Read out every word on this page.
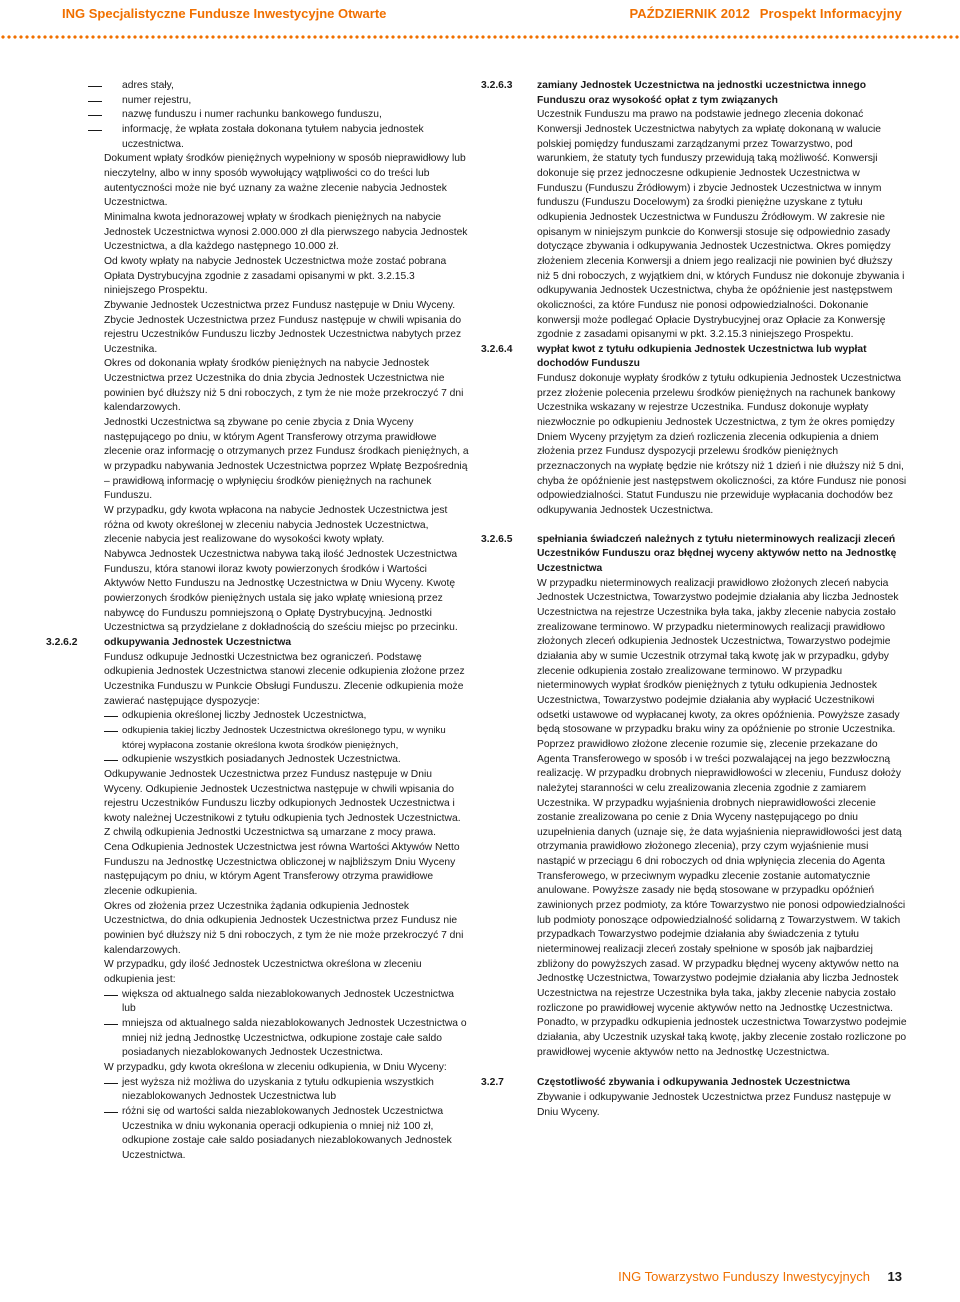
ING Specjalistyczne Fundusze Inwestycyjne Otwarte	PAŹDZIERNIK 2012 Prospekt Informacyjny
adres stały,
numer rejestru,
nazwę funduszu i numer rachunku bankowego funduszu,
informację, że wpłata została dokonana tytułem nabycia jednostek uczestnictwa.

Dokument wpłaty środków pieniężnych wypełniony w sposób nieprawidłowy lub nieczytelny, albo w inny sposób wywołujący wątpliwości co do treści lub autentyczności może nie być uznany za ważne zlecenie nabycia Jednostek Uczestnictwa.

Minimalna kwota jednorazowej wpłaty w środkach pieniężnych na nabycie Jednostek Uczestnictwa wynosi 2.000.000 zł dla pierwszego nabycia Jednostek Uczestnictwa, a dla każdego następnego 10.000 zł.

Od kwoty wpłaty na nabycie Jednostek Uczestnictwa może zostać pobrana Opłata Dystrybucyjna zgodnie z zasadami opisanymi w pkt. 3.2.15.3 niniejszego Prospektu.

Zbywanie Jednostek Uczestnictwa przez Fundusz następuje w Dniu Wyceny. Zbycie Jednostek Uczestnictwa przez Fundusz następuje w chwili wpisania do rejestru Uczestników Funduszu liczby Jednostek Uczestnictwa nabytych przez Uczestnika.

Okres od dokonania wpłaty środków pieniężnych na nabycie Jednostek Uczestnictwa przez Uczestnika do dnia zbycia Jednostek Uczestnictwa nie powinien być dłuższy niż 5 dni roboczych, z tym że nie może przekroczyć 7 dni kalendarzowych.

Jednostki Uczestnictwa są zbywane po cenie zbycia z Dnia Wyceny następującego po dniu, w którym Agent Transferowy otrzyma prawidłowe zlecenie oraz informację o otrzymanych przez Fundusz środkach pieniężnych, a w przypadku nabywania Jednostek Uczestnictwa poprzez Wpłatę Bezpośrednią – prawidłową informację o wpłynięciu środków pieniężnych na rachunek Funduszu.

W przypadku, gdy kwota wpłacona na nabycie Jednostek Uczestnictwa jest różna od kwoty określonej w zleceniu nabycia Jednostek Uczestnictwa, zlecenie nabycia jest realizowane do wysokości kwoty wpłaty.

Nabywca Jednostek Uczestnictwa nabywa taką ilość Jednostek Uczestnictwa Funduszu, która stanowi iloraz kwoty powierzonych środków i Wartości Aktywów Netto Funduszu na Jednostkę Uczestnictwa w Dniu Wyceny. Kwotę powierzonych środków pieniężnych ustala się jako wpłatę wniesioną przez nabywcę do Funduszu pomniejszoną o Opłatę Dystrybucyjną. Jednostki Uczestnictwa są przydzielane z dokładnością do sześciu miejsc po przecinku.

3.2.6.2	odkupywania Jednostek Uczestnictwa

Fundusz odkupuje Jednostki Uczestnictwa bez ograniczeń. Podstawę odkupienia Jednostek Uczestnictwa stanowi zlecenie odkupienia złożone przez Uczestnika Funduszu w Punkcie Obsługi Funduszu. Zlecenie odkupienia może zawierać następujące dyspozycje:

odkupienia określonej liczby Jednostek Uczestnictwa,
odkupienia takiej liczby Jednostek Uczestnictwa określonego typu, w wyniku której wypłacona zostanie określona kwota środków pieniężnych,
odkupienie wszystkich posiadanych Jednostek Uczestnictwa.

Odkupywanie Jednostek Uczestnictwa przez Fundusz następuje w Dniu Wyceny. Odkupienie Jednostek Uczestnictwa następuje w chwili wpisania do rejestru Uczestników Funduszu liczby odkupionych Jednostek Uczestnictwa i kwoty należnej Uczestnikowi z tytułu odkupienia tych Jednostek Uczestnictwa. Z chwilą odkupienia Jednostki Uczestnictwa są umarzane z mocy prawa.

Cena Odkupienia Jednostek Uczestnictwa jest równa Wartości Aktywów Netto Funduszu na Jednostkę Uczestnictwa obliczonej w najbliższym Dniu Wyceny następującym po dniu, w którym Agent Transferowy otrzyma prawidłowe zlecenie odkupienia.

Okres od złożenia przez Uczestnika żądania odkupienia Jednostek Uczestnictwa, do dnia odkupienia Jednostek Uczestnictwa przez Fundusz nie powinien być dłuższy niż 5 dni roboczych, z tym że nie może przekroczyć 7 dni kalendarzowych.

W przypadku, gdy ilość Jednostek Uczestnictwa określona w zleceniu odkupienia jest:

większa od aktualnego salda niezablokowanych Jednostek Uczestnictwa lub
mniejsza od aktualnego salda niezablokowanych Jednostek Uczestnictwa o mniej niż jedną Jednostkę Uczestnictwa, odkupione zostaje całe saldo posiadanych niezablokowanych Jednostek Uczestnictwa.

W przypadku, gdy kwota określona w zleceniu odkupienia, w Dniu Wyceny:

jest wyższa niż możliwa do uzyskania z tytułu odkupienia wszystkich niezablokowanych Jednostek Uczestnictwa lub
różni się od wartości salda niezablokowanych Jednostek Uczestnictwa Uczestnika w dniu wykonania operacji odkupienia o mniej niż 100 zł, odkupione zostaje całe saldo posiadanych niezablokowanych Jednostek Uczestnictwa.
3.2.6.3 zamiany Jednostek Uczestnictwa na jednostki uczestnictwa innego Funduszu oraz wysokość opłat z tym związanych

Uczestnik Funduszu ma prawo na podstawie jednego zlecenia dokonać Konwersji Jednostek Uczestnictwa nabytych za wpłatę dokonaną w walucie polskiej pomiędzy funduszami zarządzanymi przez Towarzystwo, pod warunkiem, że statuty tych funduszy przewidują taką możliwość. Konwersji dokonuje się przez jednoczesne odkupienie Jednostek Uczestnictwa w Funduszu (Funduszu Źródłowym) i zbycie Jednostek Uczestnictwa w innym funduszu (Funduszu Docelowym) za środki pieniężne uzyskane z tytułu odkupienia Jednostek Uczestnictwa w Funduszu Źródłowym. W zakresie nie opisanym w niniejszym punkcie do Konwersji stosuje się odpowiednio zasady dotyczące zbywania i odkupywania Jednostek Uczestnictwa. Okres pomiędzy złożeniem zlecenia Konwersji a dniem jego realizacji nie powinien być dłuższy niż 5 dni roboczych, z wyjątkiem dni, w których Fundusz nie dokonuje zbywania i odkupywania Jednostek Uczestnictwa, chyba że opóźnienie jest następstwem okoliczności, za które Fundusz nie ponosi odpowiedzialności. Dokonanie konwersji może podlegać Opłacie Dystrybucyjnej oraz Opłacie za Konwersję zgodnie z zasadami opisanymi w pkt. 3.2.15.3 niniejszego Prospektu.

3.2.6.4 wypłat kwot z tytułu odkupienia Jednostek Uczestnictwa lub wypłat dochodów Funduszu

Fundusz dokonuje wypłaty środków z tytułu odkupienia Jednostek Uczestnictwa przez złożenie polecenia przelewu środków pieniężnych na rachunek bankowy Uczestnika wskazany w rejestrze Uczestnika. Fundusz dokonuje wypłaty niezwłocznie po odkupieniu Jednostek Uczestnictwa, z tym że okres pomiędzy Dniem Wyceny przyjętym za dzień rozliczenia zlecenia odkupienia a dniem złożenia przez Fundusz dyspozycji przelewu środków pieniężnych przeznaczonych na wypłatę będzie nie krótszy niż 1 dzień i nie dłuższy niż 5 dni, chyba że opóźnienie jest następstwem okoliczności, za które Fundusz nie ponosi odpowiedzialności. Statut Funduszu nie przewiduje wypłacania dochodów bez odkupywania Jednostek Uczestnictwa.

3.2.6.5 spełniania świadczeń należnych z tytułu nieterminowych realizacji zleceń Uczestników Funduszu oraz błędnej wyceny aktywów netto na Jednostkę Uczestnictwa

W przypadku nieterminowych realizacji prawidłowo złożonych zleceń nabycia Jednostek Uczestnictwa, Towarzystwo podejmie działania aby liczba Jednostek Uczestnictwa na rejestrze Uczestnika była taka, jakby zlecenie nabycia zostało zrealizowane terminowo. W przypadku nieterminowych realizacji prawidłowo złożonych zleceń odkupienia Jednostek Uczestnictwa, Towarzystwo podejmie działania aby w sumie Uczestnik otrzymał taką kwotę jak w przypadku, gdyby zlecenie odkupienia zostało zrealizowane terminowo. W przypadku nieterminowych wypłat środków pieniężnych z tytułu odkupienia Jednostek Uczestnictwa, Towarzystwo podejmie działania aby wypłacić Uczestnikowi odsetki ustawowe od wypłacanej kwoty, za okres opóźnienia. Powyższe zasady będą stosowane w przypadku braku winy za opóźnienie po stronie Uczestnika. Poprzez prawidłowo złożone zlecenie rozumie się, zlecenie przekazane do Agenta Transferowego w sposób i w treści pozwalającej na jego bezzwłoczną realizację. W przypadku drobnych nieprawidłowości w zleceniu, Fundusz dołoży należytej staranności w celu zrealizowania zlecenia zgodnie z zamiarem Uczestnika. W przypadku wyjaśnienia drobnych nieprawidłowości zlecenie zostanie zrealizowana po cenie z Dnia Wyceny następującego po dniu uzupełnienia danych (uznaje się, że data wyjaśnienia nieprawidłowości jest datą otrzymania prawidłowo złożonego zlecenia), przy czym wyjaśnienie musi nastąpić w przeciągu 6 dni roboczych od dnia wpłynięcia zlecenia do Agenta Transferowego, w przeciwnym wypadku zlecenie zostanie automatycznie anulowane. Powyższe zasady nie będą stosowane w przypadku opóźnień zawinionych przez podmioty, za które Towarzystwo nie ponosi odpowiedzialności lub podmioty ponoszące odpowiedzialność solidarną z Towarzystwem. W takich przypadkach Towarzystwo podejmie działania aby świadczenia z tytułu nieterminowej realizacji zleceń zostały spełnione w sposób jak najbardziej zbliżony do powyższych zasad. W przypadku błędnej wyceny aktywów netto na Jednostkę Uczestnictwa, Towarzystwo podejmie działania aby liczba Jednostek Uczestnictwa na rejestrze Uczestnika była taka, jakby zlecenie nabycia zostało rozliczone po prawidłowej wycenie aktywów netto na Jednostkę Uczestnictwa. Ponadto, w przypadku odkupienia jednostek uczestnictwa Towarzystwo podejmie działania, aby Uczestnik uzyskał taką kwotę, jakby zlecenie zostało rozliczone po prawidłowej wycenie aktywów netto na Jednostkę Uczestnictwa.

3.2.7	Częstotliwość zbywania i odkupywania Jednostek Uczestnictwa

Zbywanie i odkupywanie Jednostek Uczestnictwa przez Fundusz następuje w Dniu Wyceny.

ING Towarzystwo Funduszy Inwestycyjnych 13
